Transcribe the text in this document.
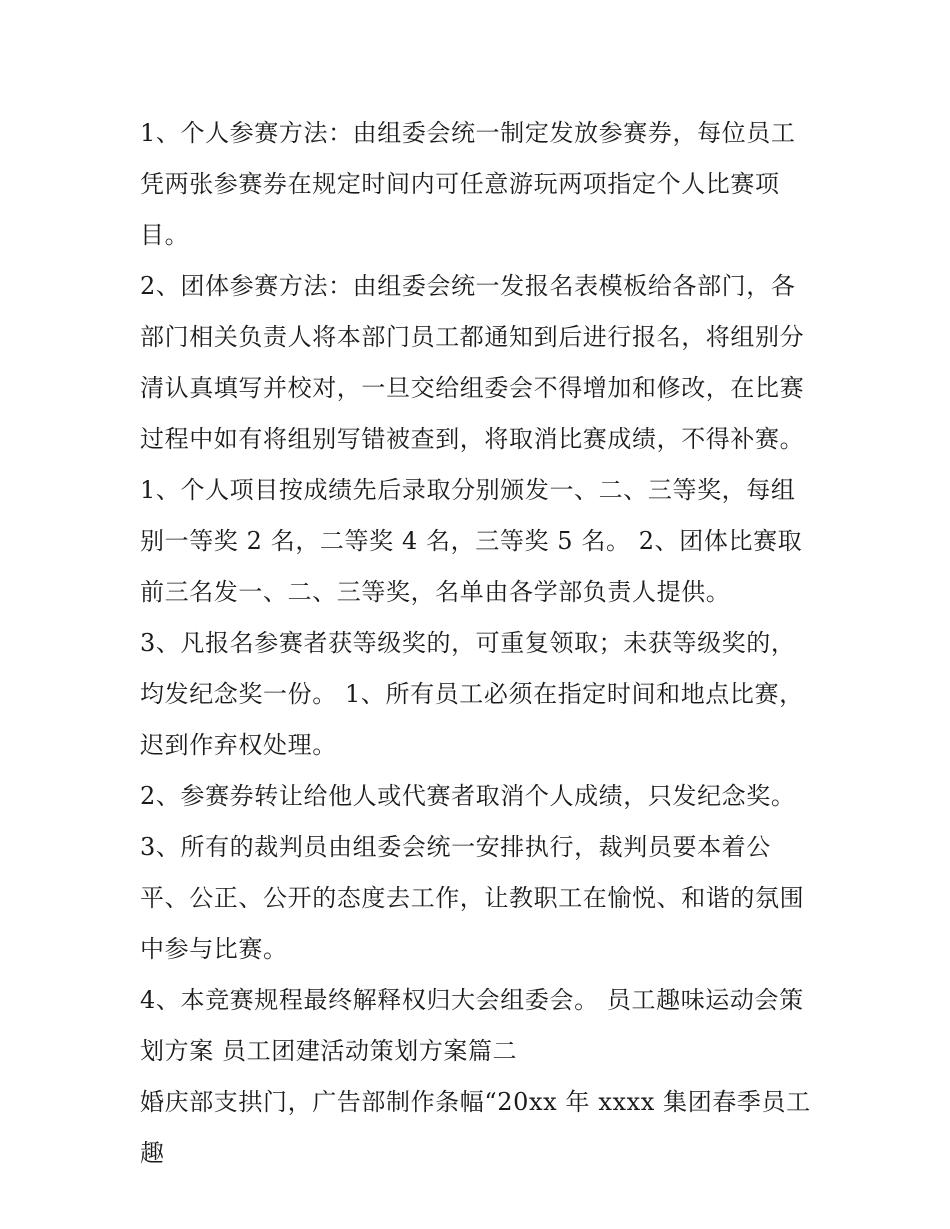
1、个人参赛方法：由组委会统一制定发放参赛券，每位员工凭两张参赛券在规定时间内可任意游玩两项指定个人比赛项目。

2、团体参赛方法：由组委会统一发报名表模板给各部门，各部门相关负责人将本部门员工都通知到后进行报名，将组别分清认真填写并校对，一旦交给组委会不得增加和修改，在比赛过程中如有将组别写错被查到，将取消比赛成绩，不得补赛。

1、个人项目按成绩先后录取分别颁发一、二、三等奖，每组别一等奖 2 名，二等奖 4 名，三等奖 5 名。 2、团体比赛取前三名发一、二、三等奖，名单由各学部负责人提供。

3、凡报名参赛者获等级奖的，可重复领取；未获等级奖的，均发纪念奖一份。 1、所有员工必须在指定时间和地点比赛，迟到作弃权处理。

2、参赛券转让给他人或代赛者取消个人成绩，只发纪念奖。

3、所有的裁判员由组委会统一安排执行，裁判员要本着公平、公正、公开的态度去工作，让教职工在愉悦、和谐的氛围中参与比赛。

4、本竞赛规程最终解释权归大会组委会。 员工趣味运动会策划方案 员工团建活动策划方案篇二

婚庆部支拱门，广告部制作条幅“20xx 年 xxxx 集团春季员工趣
